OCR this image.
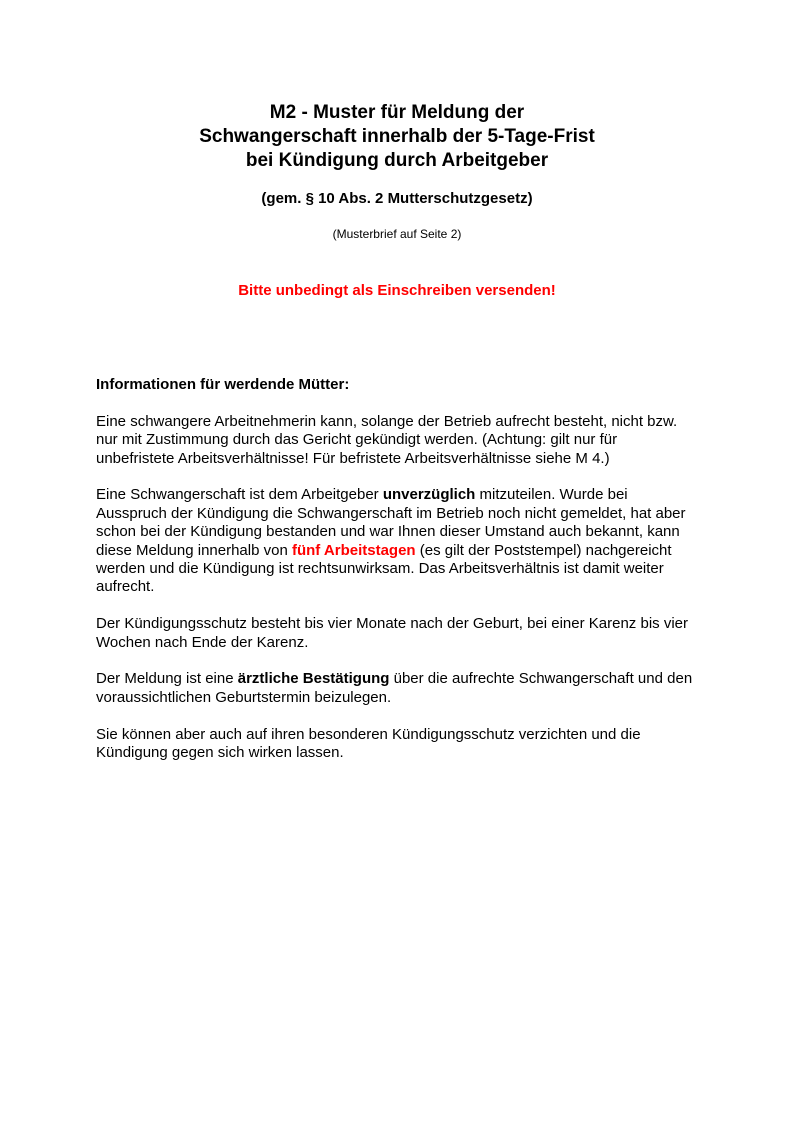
M2 - Muster für Meldung der
Schwangerschaft innerhalb der 5-Tage-Frist
bei Kündigung durch Arbeitgeber
(gem. § 10 Abs. 2 Mutterschutzgesetz)
(Musterbrief auf Seite 2)
Bitte unbedingt als Einschreiben versenden!
Informationen für werdende Mütter:

Eine schwangere Arbeitnehmerin kann, solange der Betrieb aufrecht besteht, nicht bzw. nur mit Zustimmung durch das Gericht gekündigt werden. (Achtung: gilt nur für unbefristete Arbeitsverhältnisse! Für befristete Arbeitsverhältnisse siehe M 4.)

Eine Schwangerschaft ist dem Arbeitgeber unverzüglich mitzuteilen. Wurde bei Ausspruch der Kündigung die Schwangerschaft im Betrieb noch nicht gemeldet, hat aber schon bei der Kündigung bestanden und war Ihnen dieser Umstand auch bekannt, kann diese Meldung innerhalb von fünf Arbeitstagen (es gilt der Poststempel) nachgereicht werden und die Kündigung ist rechtsunwirksam. Das Arbeitsverhältnis ist damit weiter aufrecht.

Der Kündigungsschutz besteht bis vier Monate nach der Geburt, bei einer Karenz bis vier Wochen nach Ende der Karenz.

Der Meldung ist eine ärztliche Bestätigung über die aufrechte Schwangerschaft und den voraussichtlichen Geburtstermin beizulegen.

Sie können aber auch auf ihren besonderen Kündigungsschutz verzichten und die Kündigung gegen sich wirken lassen.
